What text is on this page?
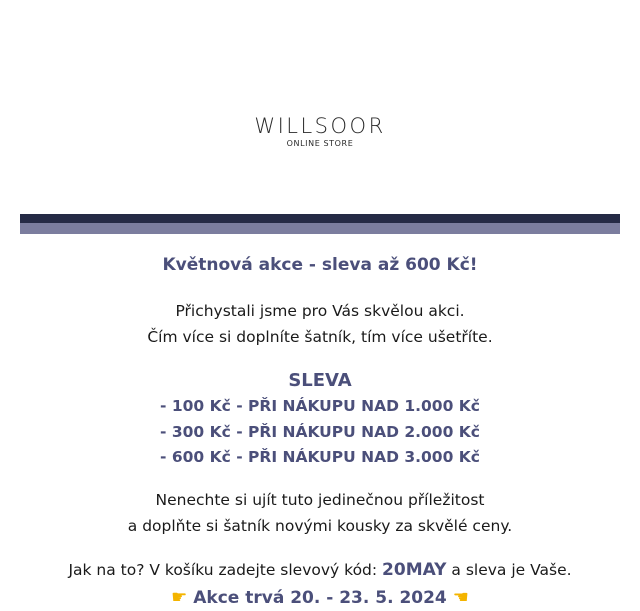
WILLSOOR
ONLINE STORE
Květnová akce - sleva až 600 Kč!
Přichystali jsme pro Vás skvělou akci.
Čím více si doplníte šatník, tím více ušetříte.
SLEVA
- 100 Kč - PŘI NÁKUPU NAD 1.000 Kč
- 300 Kč - PŘI NÁKUPU NAD 2.000 Kč
- 600 Kč - PŘI NÁKUPU NAD 3.000 Kč
Nenechte si ujít tuto jedinečnou příležitost
a doplňte si šatník novými kousky za skvělé ceny.
Jak na to? V košíku zadejte slevový kód: 20MAY a sleva je Vaše.
☛ Akce trvá 20. - 23. 5. 2024 ☚
